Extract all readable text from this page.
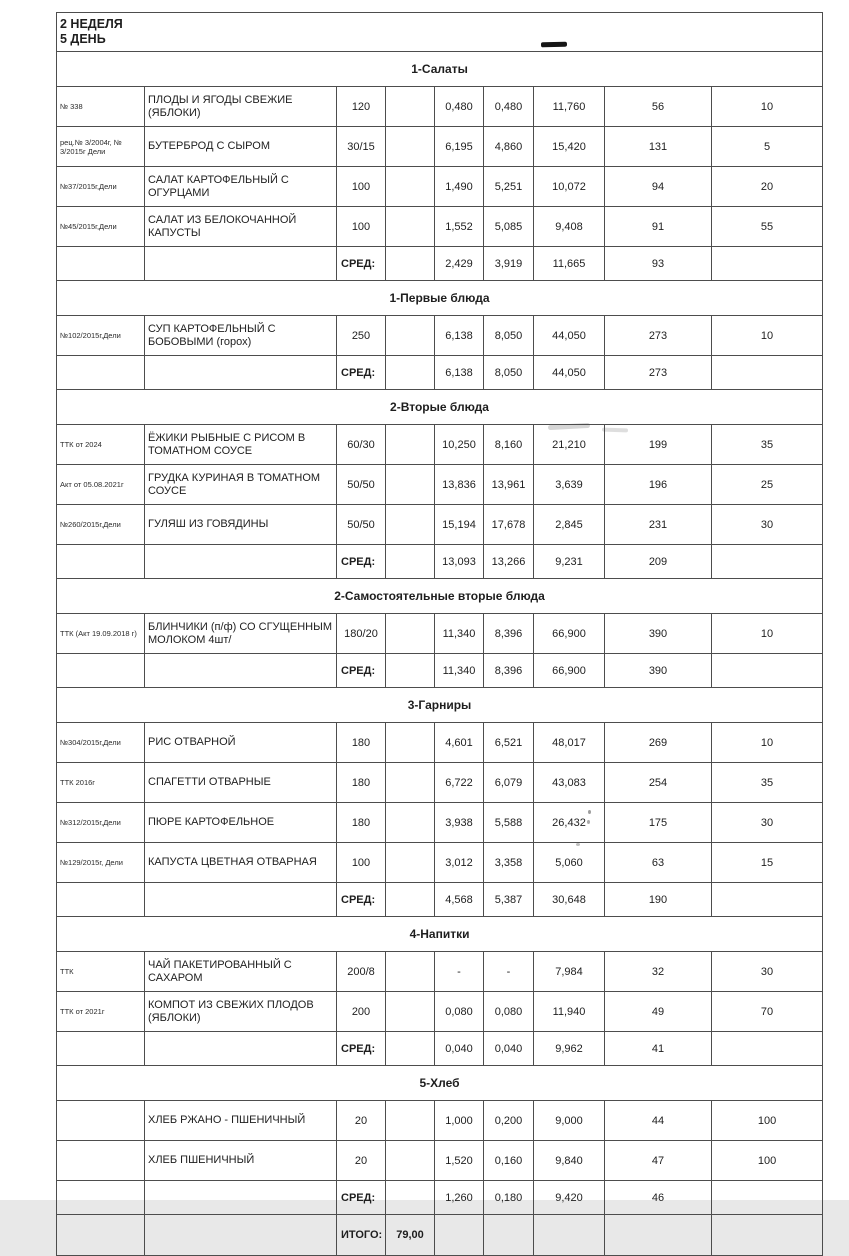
2 НЕДЕЛЯ
5 ДЕНЬ								

1-Салаты								
№ 338	ПЛОДЫ И ЯГОДЫ СВЕЖИЕ (ЯБЛОКИ)	120		0,480	0,480	11,760	56	10
рец.№ 3/2004г, № 3/2015г Дели	БУТЕРБРОД С СЫРОМ	30/15		6,195	4,860	15,420	131	5
№37/2015г,Дели	САЛАТ КАРТОФЕЛЬНЫЙ С ОГУРЦАМИ	100		1,490	5,251	10,072	94	20
№45/2015г,Дели	САЛАТ ИЗ БЕЛОКОЧАННОЙ КАПУСТЫ	100		1,552	5,085	9,408	91	55
		СРЕД:		2,429	3,919	11,665	93	
1-Первые блюда								
№102/2015г,Дели	СУП КАРТОФЕЛЬНЫЙ С БОБОВЫМИ (горох)	250		6,138	8,050	44,050	273	10
		СРЕД:		6,138	8,050	44,050	273	
2-Вторые блюда								
ТТК от 2024	ЁЖИКИ РЫБНЫЕ С РИСОМ В ТОМАТНОМ СОУСЕ	60/30		10,250	8,160	21,210	199	35
Акт от 05.08.2021г	ГРУДКА КУРИНАЯ В ТОМАТНОМ СОУСЕ	50/50		13,836	13,961	3,639	196	25
№260/2015г,Дели	ГУЛЯШ ИЗ ГОВЯДИНЫ	50/50		15,194	17,678	2,845	231	30
		СРЕД:		13,093	13,266	9,231	209	
2-Самостоятельные вторые блюда								
ТТК (Акт 19.09.2018 г)	БЛИНЧИКИ (п/ф) СО СГУЩЕННЫМ МОЛОКОМ 4шт/	180/20		11,340	8,396	66,900	390	10
		СРЕД:		11,340	8,396	66,900	390	
3-Гарниры								
№304/2015г,Дели	РИС ОТВАРНОЙ	180		4,601	6,521	48,017	269	10
ТТК 2016г	СПАГЕТТИ ОТВАРНЫЕ	180		6,722	6,079	43,083	254	35
№312/2015г,Дели	ПЮРЕ КАРТОФЕЛЬНОЕ	180		3,938	5,588	26,432	175	30
№129/2015г, Дели	КАПУСТА ЦВЕТНАЯ ОТВАРНАЯ	100		3,012	3,358	5,060	63	15
		СРЕД:		4,568	5,387	30,648	190	
4-Напитки								
ТТК	ЧАЙ ПАКЕТИРОВАННЫЙ С САХАРОМ	200/8		-	-	7,984	32	30
ТТК от 2021г	КОМПОТ ИЗ СВЕЖИХ ПЛОДОВ (ЯБЛОКИ)	200		0,080	0,080	11,940	49	70
		СРЕД:		0,040	0,040	9,962	41	
5-Хлеб								
	ХЛЕБ РЖАНО - ПШЕНИЧНЫЙ	20		1,000	0,200	9,000	44	100
	ХЛЕБ ПШЕНИЧНЫЙ	20		1,520	0,160	9,840	47	100
		СРЕД:		1,260	0,180	9,420	46	
		ИТОГО:	79,00					
